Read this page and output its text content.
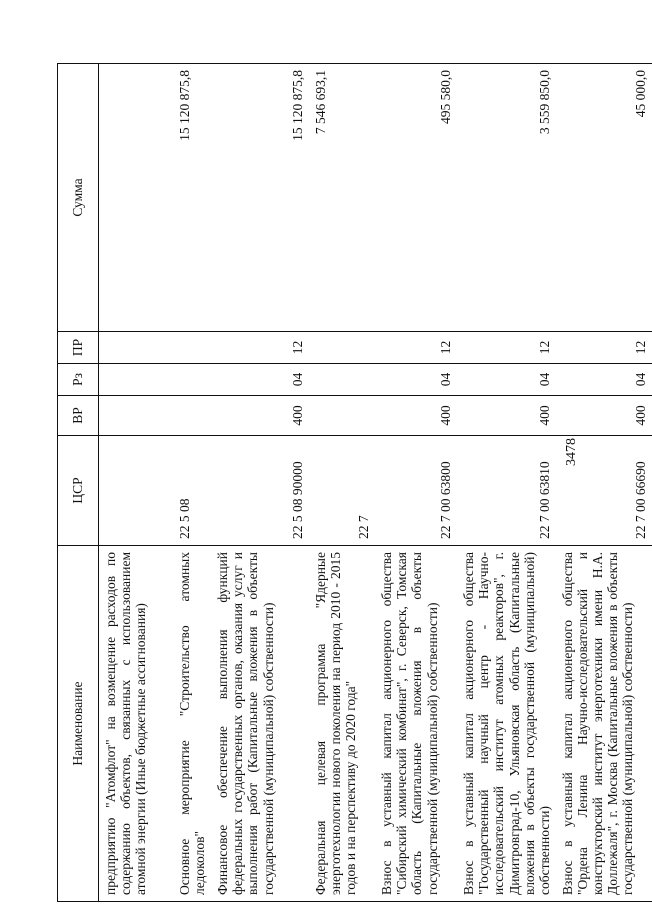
3478
Наименование	ЦСР	ВР	Рз	ПР	Сумма
предприятию "Атомфлот" на возмещение расходов по содержанию объектов, связанных с использованием атомной энергии (Иные бюджетные ассигнования)					
Основное мероприятие "Строительство атомных ледоколов"	22 5 08				15 120 875,8
Финансовое обеспечение выполнения функций федеральных государственных органов, оказания услуг и выполнения работ (Капитальные вложения в объекты государственной (муниципальной) собственности)	22 5 08 90000	400	04	12	15 120 875,8
Федеральная целевая программа "Ядерные энерготехнологии нового поколения на период 2010 - 2015 годов и на перспективу до 2020 года"	22 7				7 546 693,1
Взнос в уставный капитал акционерного общества "Сибирский химический комбинат", г. Северск, Томская область (Капитальные вложения в объекты государственной (муниципальной) собственности)	22 7 00 63800	400	04	12	495 580,0
Взнос в уставный капитал акционерного общества "Государственный научный центр - Научно-исследовательский институт атомных реакторов", г. Димитровград-10, Ульяновская область (Капитальные вложения в объекты государственной (муниципальной) собственности)	22 7 00 63810	400	04	12	3 559 850,0
Взнос в уставный капитал акционерного общества "Ордена Ленина Научно-исследовательский и конструкторский институт энерготехники имени Н.А. Доллежаля", г. Москва (Капитальные вложения в объекты государственной (муниципальной) собственности)	22 7 00 66690	400	04	12	45 000,0
